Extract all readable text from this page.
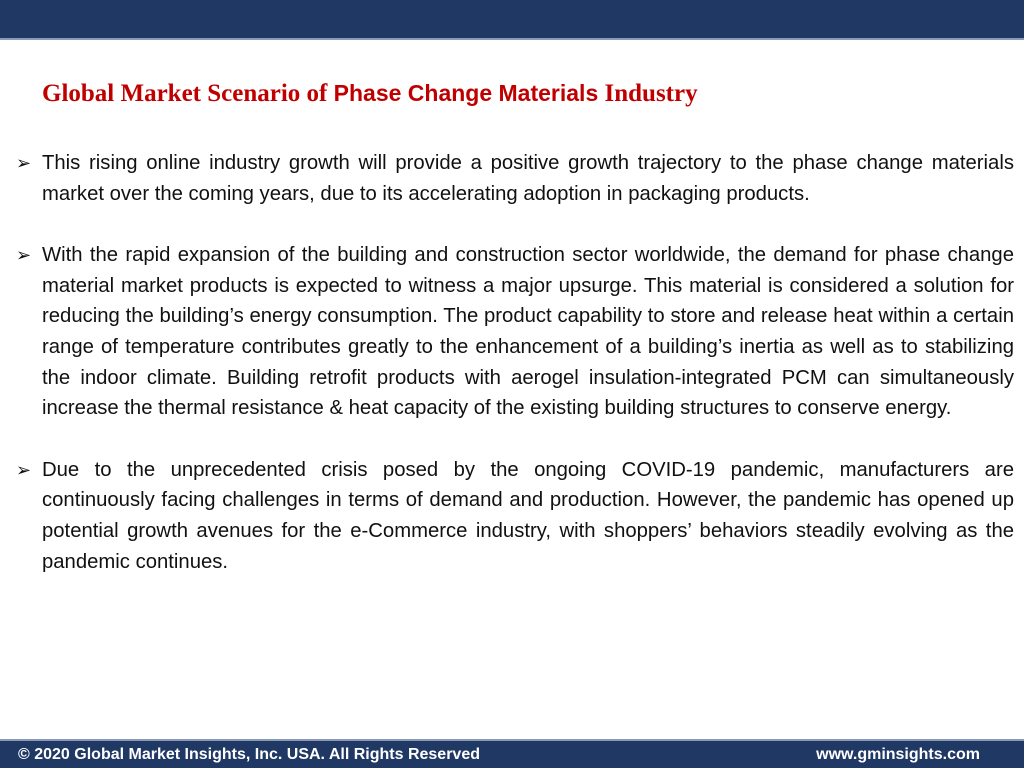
Global Market Scenario of Phase Change Materials Industry
➢ This rising online industry growth will provide a positive growth trajectory to the phase change materials market over the coming years, due to its accelerating adoption in packaging products.
➢ With the rapid expansion of the building and construction sector worldwide, the demand for phase change material market products is expected to witness a major upsurge. This material is considered a solution for reducing the building’s energy consumption. The product capability to store and release heat within a certain range of temperature contributes greatly to the enhancement of a building’s inertia as well as to stabilizing the indoor climate. Building retrofit products with aerogel insulation-integrated PCM can simultaneously increase the thermal resistance & heat capacity of the existing building structures to conserve energy.
➢ Due to the unprecedented crisis posed by the ongoing COVID-19 pandemic, manufacturers are continuously facing challenges in terms of demand and production. However, the pandemic has opened up potential growth avenues for the e-Commerce industry, with shoppers’ behaviors steadily evolving as the pandemic continues.
© 2020 Global Market Insights, Inc. USA. All Rights Reserved	www.gminsights.com
